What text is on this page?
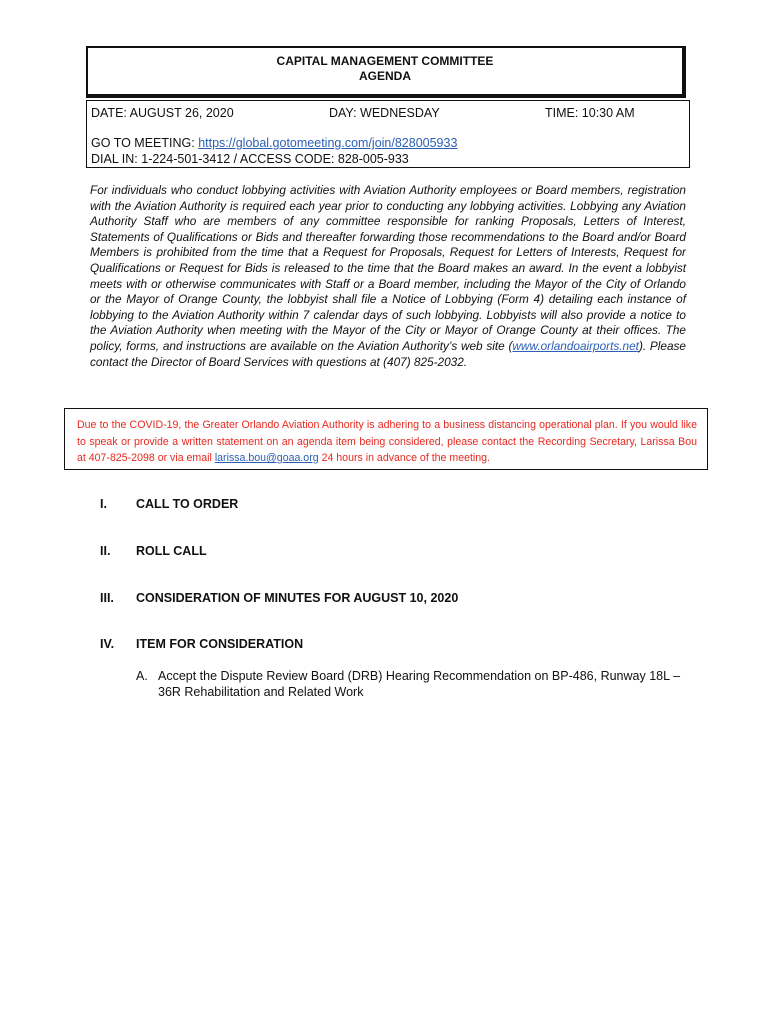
CAPITAL MANAGEMENT COMMITTEE
AGENDA
DATE: AUGUST 26, 2020	DAY: WEDNESDAY	TIME: 10:30 AM
GO TO MEETING: https://global.gotomeeting.com/join/828005933
DIAL IN: 1-224-501-3412 / ACCESS CODE: 828-005-933
For individuals who conduct lobbying activities with Aviation Authority employees or Board members, registration with the Aviation Authority is required each year prior to conducting any lobbying activities. Lobbying any Aviation Authority Staff who are members of any committee responsible for ranking Proposals, Letters of Interest, Statements of Qualifications or Bids and thereafter forwarding those recommendations to the Board and/or Board Members is prohibited from the time that a Request for Proposals, Request for Letters of Interests, Request for Qualifications or Request for Bids is released to the time that the Board makes an award. In the event a lobbyist meets with or otherwise communicates with Staff or a Board member, including the Mayor of the City of Orlando or the Mayor of Orange County, the lobbyist shall file a Notice of Lobbying (Form 4) detailing each instance of lobbying to the Aviation Authority within 7 calendar days of such lobbying. Lobbyists will also provide a notice to the Aviation Authority when meeting with the Mayor of the City or Mayor of Orange County at their offices. The policy, forms, and instructions are available on the Aviation Authority’s web site (www.orlandoairports.net). Please contact the Director of Board Services with questions at (407) 825-2032.
Due to the COVID-19, the Greater Orlando Aviation Authority is adhering to a business distancing operational plan. If you would like to speak or provide a written statement on an agenda item being considered, please contact the Recording Secretary, Larissa Bou at 407-825-2098 or via email larissa.bou@goaa.org 24 hours in advance of the meeting.
I.	CALL TO ORDER
II.	ROLL CALL
III.	CONSIDERATION OF MINUTES FOR AUGUST 10, 2020
IV.	ITEM FOR CONSIDERATION
A. Accept the Dispute Review Board (DRB) Hearing Recommendation on BP-486, Runway 18L – 36R Rehabilitation and Related Work
